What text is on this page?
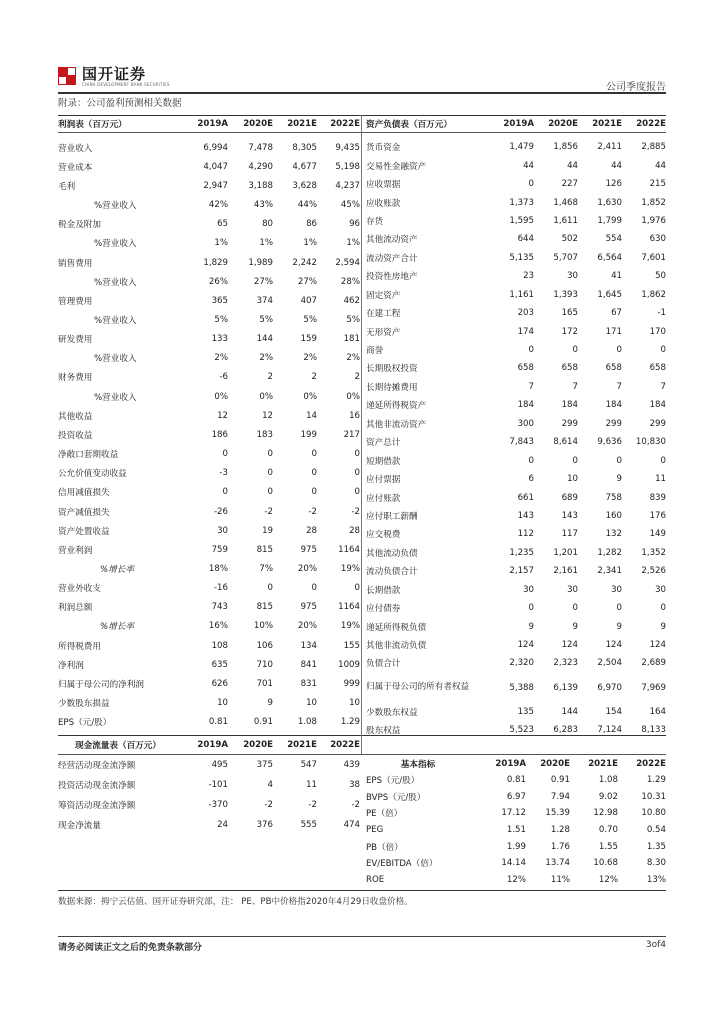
国开证券
CHINA DEVELOPMENT BANK SECURITIES	公司季度报告
附录：公司盈利预测相关数据
利润表（百万元）	2019A	2020E	2021E	2022E
营业收入	6,994	7,478	8,305	9,435
营业成本	4,047	4,290	4,677	5,198
毛利	2,947	3,188	3,628	4,237
%营业收入	42%	43%	44%	45%
税金及附加	65	80	86	96
%营业收入	1%	1%	1%	1%
销售费用	1,829	1,989	2,242	2,594
%营业收入	26%	27%	27%	28%
管理费用	365	374	407	462
%营业收入	5%	5%	5%	5%
研发费用	133	144	159	181
%营业收入	2%	2%	2%	2%
财务费用	-6	2	2	2
%营业收入	0%	0%	0%	0%
其他收益	12	12	14	16
投资收益	186	183	199	217
净敞口套期收益	0	0	0	0
公允价值变动收益	-3	0	0	0
信用减值损失	0	0	0	0
资产减值损失	-26	-2	-2	-2
资产处置收益	30	19	28	28
营业利润	759	815	975	1164
%增长率	18%	7%	20%	19%
营业外收支	-16	0	0	0
利润总额	743	815	975	1164
%增长率	16%	10%	20%	19%
所得税费用	108	106	134	155
净利润	635	710	841	1009
归属于母公司的净利润	626	701	831	999
少数股东损益	10	9	10	10
EPS（元/股）	0.81	0.91	1.08	1.29
资产负债表（百万元）	2019A	2020E	2021E	2022E
货币资金	1,479	1,856	2,411	2,885
交易性金融资产	44	44	44	44
应收票据	0	227	126	215
应收账款	1,373	1,468	1,630	1,852
存货	1,595	1,611	1,799	1,976
其他流动资产	644	502	554	630
流动资产合计	5,135	5,707	6,564	7,601
投资性房地产	23	30	41	50
固定资产	1,161	1,393	1,645	1,862
在建工程	203	165	67	-1
无形资产	174	172	171	170
商誉	0	0	0	0
长期股权投资	658	658	658	658
长期待摊费用	7	7	7	7
递延所得税资产	184	184	184	184
其他非流动资产	300	299	299	299
资产总计	7,843	8,614	9,636	10,830
短期借款	0	0	0	0
应付票据	6	10	9	11
应付账款	661	689	758	839
应付职工薪酬	143	143	160	176
应交税费	112	117	132	149
其他流动负债	1,235	1,201	1,282	1,352
流动负债合计	2,157	2,161	2,341	2,526
长期借款	30	30	30	30
应付债券	0	0	0	0
递延所得税负债	9	9	9	9
其他非流动负债	124	124	124	124
负债合计	2,320	2,323	2,504	2,689
归属于母公司的所有者权益	5,388	6,139	6,970	7,969
少数股东权益	135	144	154	164
股东权益	5,523	6,283	7,124	8,133
现金流量表（百万元）	2019A	2020E	2021E	2022E
经营活动现金流净额	495	375	547	439
投资活动现金流净额	-101	4	11	38
筹资活动现金流净额	-370	-2	-2	-2
现金净流量	24	376	555	474
基本指标	2019A	2020E	2021E	2022E
EPS（元/股）	0.81	0.91	1.08	1.29
BVPS（元/股）	6.97	7.94	9.02	10.31
PE（倍）	17.12	15.39	12.98	10.80
PEG	1.51	1.28	0.70	0.54
PB（倍）	1.99	1.76	1.55	1.35
EV/EBITDA（倍）	14.14	13.74	10.68	8.30
ROE	12%	11%	12%	13%
数据来源：拇宁云估值、国开证券研究部，注： PE、PB中价格指2020年4月29日收盘价格。
请务必阅读正文之后的免责条款部分	3of4
